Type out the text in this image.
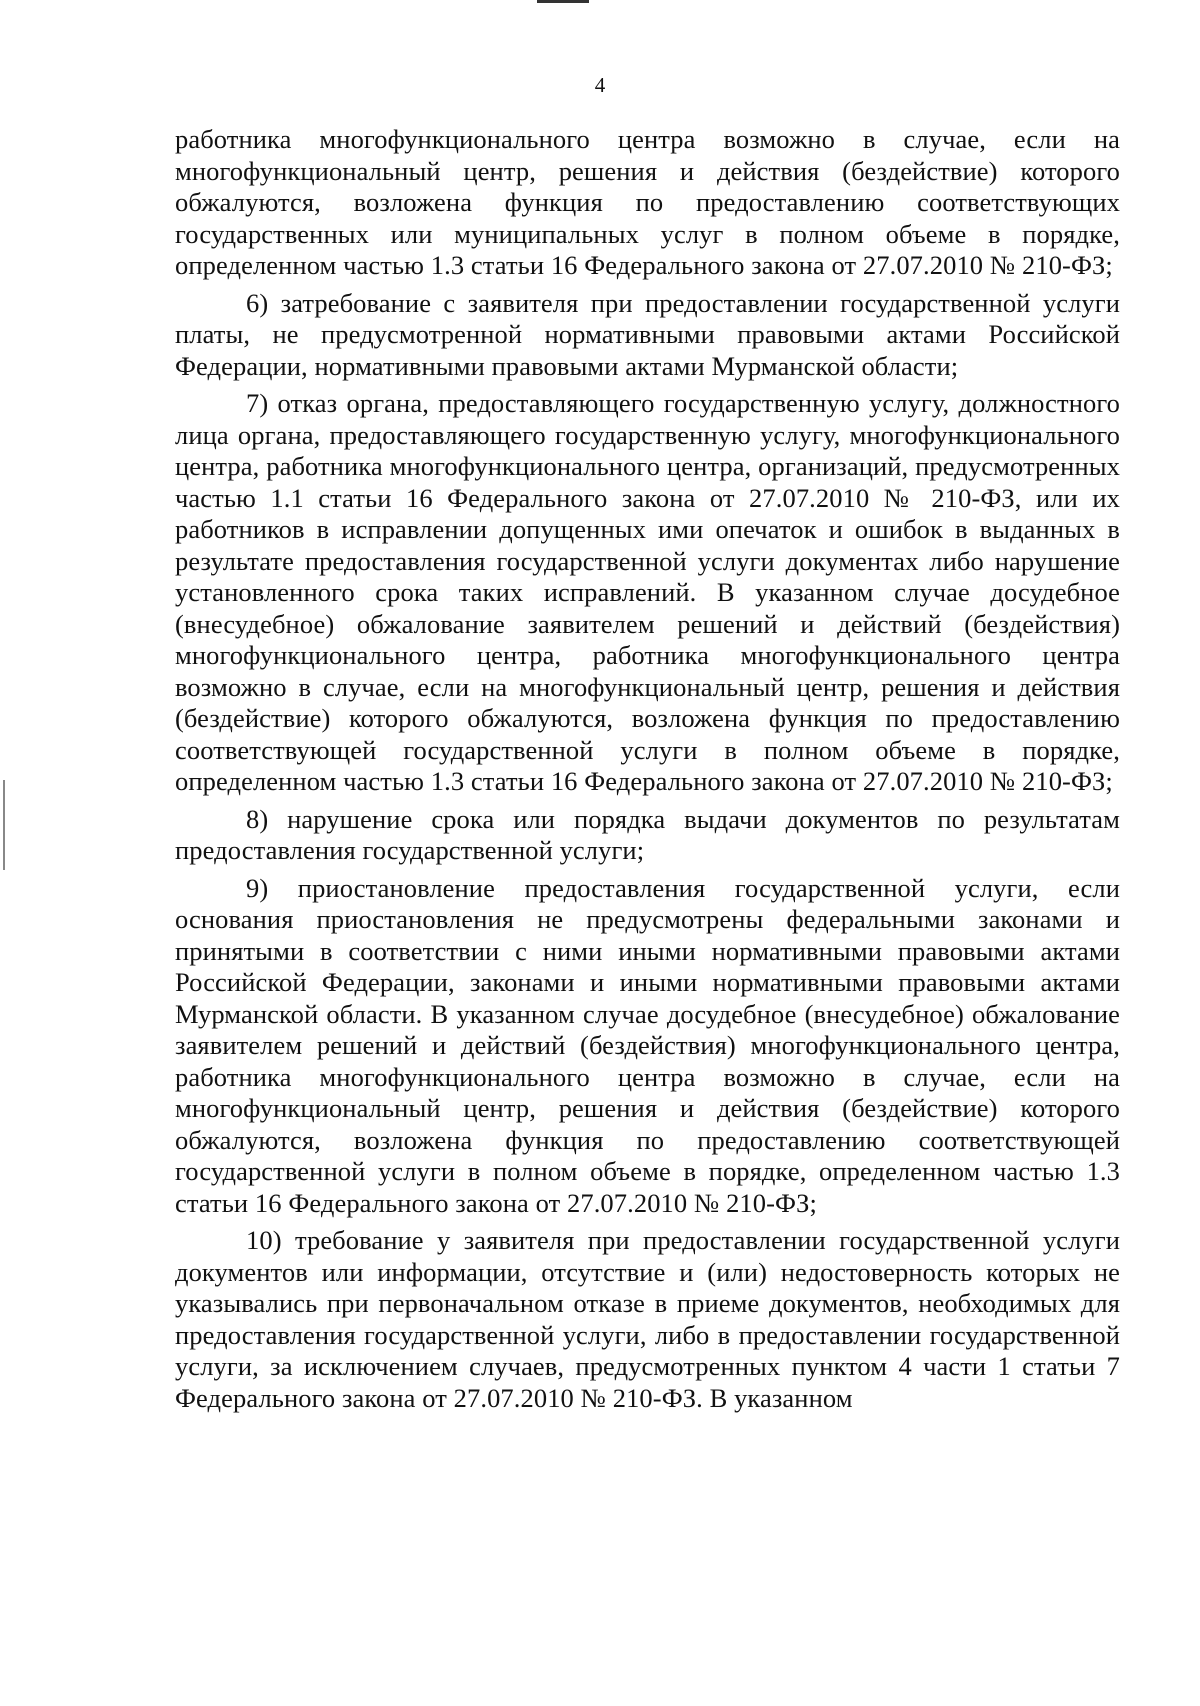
4

работника многофункционального центра возможно в случае, если на многофункциональный центр, решения и действия (бездействие) которого обжалуются, возложена функция по предоставлению соответствующих государственных или муниципальных услуг в полном объеме в порядке, определенном частью 1.3 статьи 16 Федерального закона от 27.07.2010 № 210-ФЗ;

6) затребование с заявителя при предоставлении государственной услуги платы, не предусмотренной нормативными правовыми актами Российской Федерации, нормативными правовыми актами Мурманской области;

7) отказ органа, предоставляющего государственную услугу, должностного лица органа, предоставляющего государственную услугу, многофункционального центра, работника многофункционального центра, организаций, предусмотренных частью 1.1 статьи 16 Федерального закона от 27.07.2010 № 210-ФЗ, или их работников в исправлении допущенных ими опечаток и ошибок в выданных в результате предоставления государственной услуги документах либо нарушение установленного срока таких исправлений. В указанном случае досудебное (внесудебное) обжалование заявителем решений и действий (бездействия) многофункционального центра, работника многофункционального центра возможно в случае, если на многофункциональный центр, решения и действия (бездействие) которого обжалуются, возложена функция по предоставлению соответствующей государственной услуги в полном объеме в порядке, определенном частью 1.3 статьи 16 Федерального закона от 27.07.2010 № 210-ФЗ;

8) нарушение срока или порядка выдачи документов по результатам предоставления государственной услуги;

9) приостановление предоставления государственной услуги, если основания приостановления не предусмотрены федеральными законами и принятыми в соответствии с ними иными нормативными правовыми актами Российской Федерации, законами и иными нормативными правовыми актами Мурманской области. В указанном случае досудебное (внесудебное) обжалование заявителем решений и действий (бездействия) многофункционального центра, работника многофункционального центра возможно в случае, если на многофункциональный центр, решения и действия (бездействие) которого обжалуются, возложена функция по предоставлению соответствующей государственной услуги в полном объеме в порядке, определенном частью 1.3 статьи 16 Федерального закона от 27.07.2010 № 210-ФЗ;

10) требование у заявителя при предоставлении государственной услуги документов или информации, отсутствие и (или) недостоверность которых не указывались при первоначальном отказе в приеме документов, необходимых для предоставления государственной услуги, либо в предоставлении государственной услуги, за исключением случаев, предусмотренных пунктом 4 части 1 статьи 7 Федерального закона от 27.07.2010 № 210-ФЗ. В указанном
